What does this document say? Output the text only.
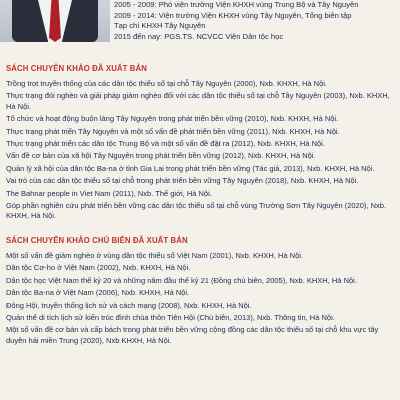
2005 - 2009: Phó viện trưởng Viện KHXH vùng Trung Bộ và Tây Nguyên
2009 - 2014: Viện trưởng Viện KHXH vùng Tây Nguyên, Tổng biên tập
Tạp chí KHXH Tây Nguyên
2015 đến nay: PGS.TS. NCVCC Viện Dân tộc học
SÁCH CHUYÊN KHẢO ĐÃ XUẤT BẢN
Trồng trọt truyền thống của các dân tộc thiểu số tại chỗ Tây Nguyên (2000), Nxb. KHXH, Hà Nội.
Thực trạng đói nghèo và giải pháp giảm nghèo đối với các dân tộc thiểu số tại chỗ Tây Nguyên (2003), Nxb. KHXH, Hà Nội.
Tổ chức và hoạt động buôn làng Tây Nguyên trong phát triển bền vững (2010), Nxb. KHXH, Hà Nội.
Thực trạng phát triển Tây Nguyên và một số vấn đề phát triển bền vững (2011), Nxb. KHXH, Hà Nội.
Thực trạng phát triển các dân tộc Trung Bộ và một số vấn đề đặt ra (2012), Nxb. KHXH, Hà Nội.
Vấn đề cơ bản của xã hội Tây Nguyên trong phát triển bền vững (2012), Nxb. KHXH, Hà Nội.
Quản lý xã hội của dân tộc Ba-na ở tỉnh Gia Lai trong phát triển bền vững (Tác giả, 2013), Nxb. KHXH, Hà Nội.
Vai trò của các dân tộc thiểu số tại chỗ trong phát triển bền vững Tây Nguyên (2018), Nxb. KHXH, Hà Nội.
The Bahnar people in Viet Nam (2011), Nxb. Thế giới, Hà Nội.
Góp phần nghiên cứu phát triển bền vững các dân tộc thiểu số tại chỗ vùng Trường Sơn Tây Nguyên (2020), Nxb. KHXH, Hà Nội.
SÁCH CHUYÊN KHẢO CHỦ BIÊN ĐÃ XUẤT BẢN
Một số vấn đề giảm nghèo ở vùng dân tộc thiểu số Việt Nam (2001), Nxb. KHXH, Hà Nội.
Dân tộc Cơ-ho ở Việt Nam (2002), Nxb. KHXH, Hà Nội.
Dân tộc học Việt Nam thế kỷ 20 và những năm đầu thế kỷ 21 (Đồng chủ biên, 2005), Nxb. KHXH, Hà Nội.
Dân tộc Ba-na ở Việt Nam (2006), Nxb. KHXH, Hà Nội.
Đông Hội, truyền thống lịch sử và cách mạng (2008), Nxb. KHXH, Hà Nội.
Quản thể di tích lịch sử kiến trúc đình chùa thôn Tiên Hội (Chủ biên, 2013), Nxb. Thông tin, Hà Nội.
Một số vấn đề cơ bản và cấp bách trong phát triển bền vững cộng đồng các dân tộc thiểu số tại chỗ khu vực tây duyên hải miền Trung (2020), Nxb KHXH, Hà Nội.
